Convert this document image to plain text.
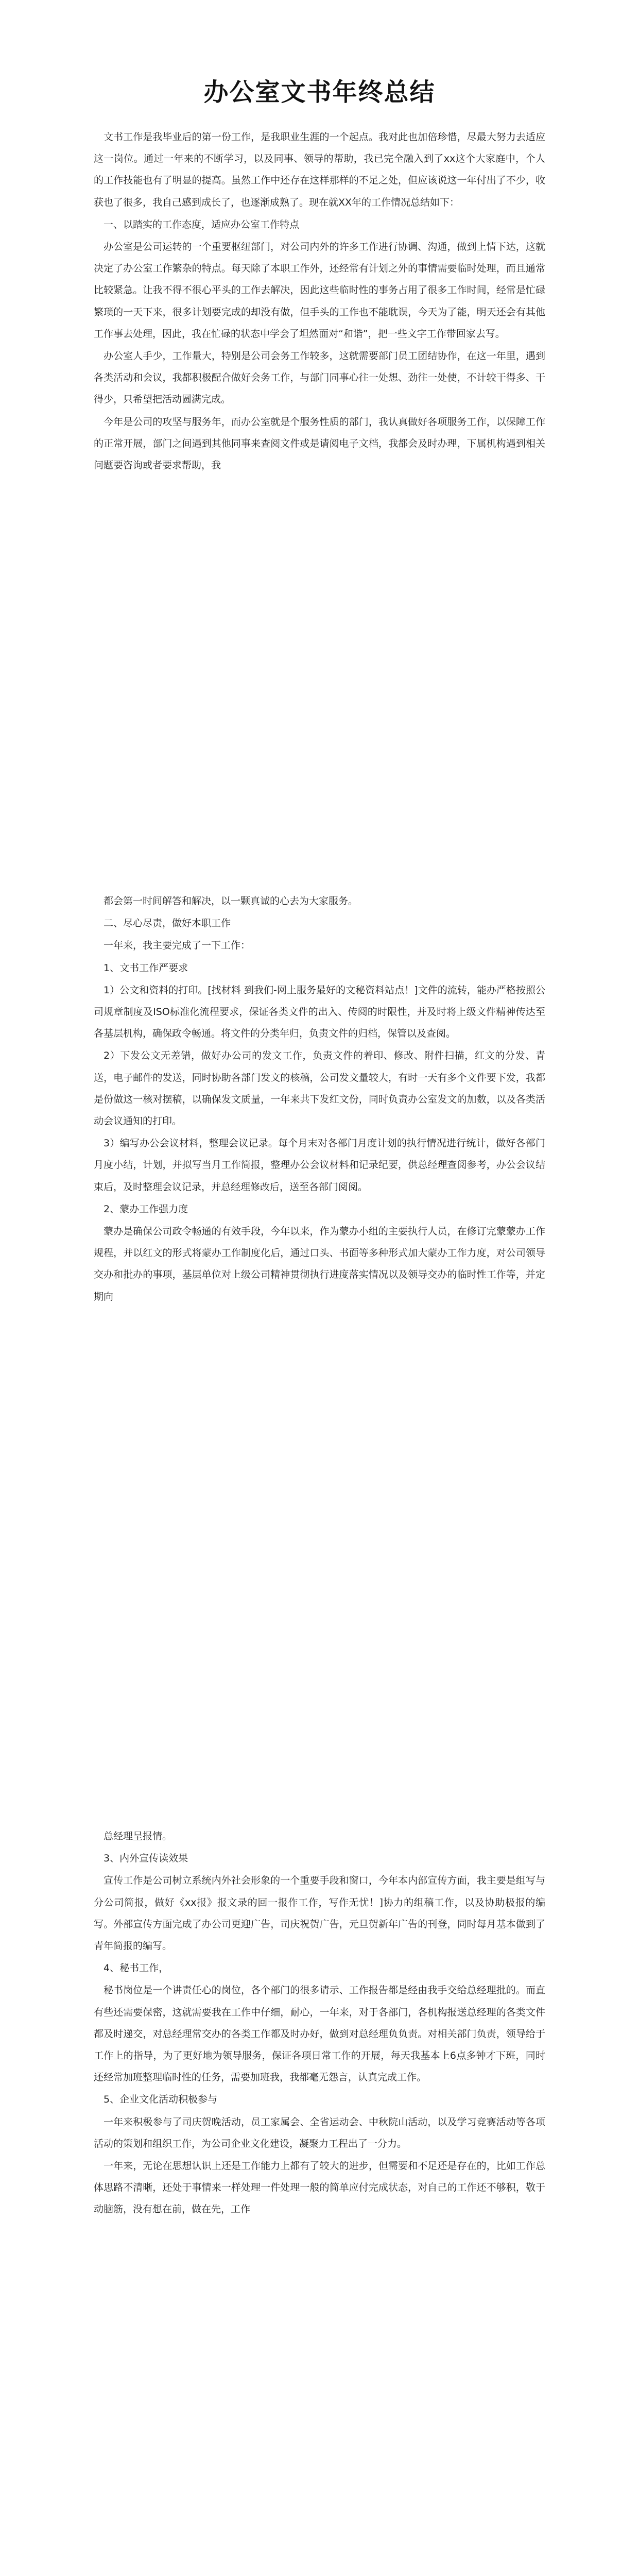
办公室文书年终总结

文书工作是我毕业后的第一份工作，是我职业生涯的一个起点。我对此也加倍珍惜，尽最大努力去适应这一岗位。通过一年来的不断学习，以及同事、领导的帮助，我已完全融入到了xx这个大家庭中，个人的工作技能也有了明显的提高。虽然工作中还存在这样那样的不足之处，但应该说这一年付出了不少，收获也了很多，我自己感到成长了，也逐渐成熟了。现在就XX年的工作情况总结如下：

一、以踏实的工作态度，适应办公室工作特点

办公室是公司运转的一个重要枢纽部门，对公司内外的许多工作进行协调、沟通，做到上情下达，这就决定了办公室工作繁杂的特点。每天除了本职工作外，还经常有计划之外的事情需要临时处理，而且通常比较紧急。让我不得不很心平头的工作去解决，因此这些临时性的事务占用了很多工作时间，经常是忙碌繁琐的一天下来，很多计划要完成的却没有做，但手头的工作也不能耽误，今天为了能，明天还会有其他工作事去处理，因此，我在忙碌的状态中学会了坦然面对“和谐”，把一些文字工作带回家去写。

办公室人手少，工作量大，特别是公司会务工作较多，这就需要部门员工团结协作，在这一年里，遇到各类活动和会议，我都积极配合做好会务工作，与部门同事心往一处想、劲往一处使，不计较干得多、干得少，只希望把活动圆满完成。

今年是公司的攻坚与服务年，而办公室就是个服务性质的部门，我认真做好各项服务工作，以保障工作的正常开展，部门之间遇到其他同事来查阅文件或是请阅电子文档，我都会及时办理，下属机构遇到相关问题要咨询或者要求帮助，我

都会第一时间解答和解决，以一颗真诚的心去为大家服务。

二、尽心尽责，做好本职工作

一年来，我主要完成了一下工作：

1、文书工作严要求

1）公文和资料的打印。[找材料 到我们-网上服务最好的文秘资料站点！]文件的流转，能办严格按照公司规章制度及ISO标准化流程要求，保证各类文件的出入、传阅的时限性，并及时将上级文件精神传达至各基层机构，确保政令畅通。将文件的分类年归，负责文件的归档，保管以及查阅。

2）下发公文无差错，做好办公司的发文工作，负责文件的着印、修改、附件扫描，红文的分发、青送，电子邮件的发送，同时协助各部门发文的核稿，公司发文量较大，有时一天有多个文件要下发，我都是份做这一核对摆稿，以确保发文质量，一年来共下发红文份，同时负责办公室发文的加数，以及各类活动会议通知的打印。

3）编写办公会议材料，整理会议记录。每个月末对各部门月度计划的执行情况进行统计，做好各部门月度小结，计划，并拟写当月工作简报，整理办公会议材料和记录纪要，供总经理查阅参考，办公会议结束后，及时整理会议记录，并总经理修改后，送至各部门阅阅。

2、蒙办工作强力度

蒙办是确保公司政令畅通的有效手段，今年以来，作为蒙办小组的主要执行人员，在修订完蒙蒙办工作规程，并以红文的形式将蒙办工作制度化后，通过口头、书面等多种形式加大蒙办工作力度，对公司领导交办和批办的事项，基层单位对上级公司精神贯彻执行进度落实情况以及领导交办的临时性工作等，并定期向

总经理呈报情。

3、内外宣传读效果

宣传工作是公司树立系统内外社会形象的一个重要手段和窗口，今年本内部宣传方面，我主要是组写与分公司简报，做好《xx报》报文录的回一报作工作，写作无忧！]协力的组稿工作，以及协助极报的编写。外部宣传方面完成了办公司更迎广告，司庆祝贺广告，元旦贺新年广告的刊登，同时每月基本做到了青年简报的编写。

4、秘书工作，

秘书岗位是一个讲责任心的岗位，各个部门的很多请示、工作报告都是经由我手交给总经理批的。而直有些还需要保密，这就需要我在工作中仔细，耐心，一年来，对于各部门，各机构报送总经理的各类文件都及时递交，对总经理常交办的各类工作都及时办好，做到对总经理负负责。对相关部门负责，领导给于工作上的指导，为了更好地为领导服务，保证各项日常工作的开展，每天我基本上6点多钟才下班，同时还经常加班整理临时性的任务，需要加班我，我都毫无怨言，认真完成工作。

5、企业文化活动积极参与

一年来积极参与了司庆贺晚活动，员工家属会、全省运动会、中秋院山活动，以及学习竞赛活动等各项活动的策划和组织工作，为公司企业文化建设，凝聚力工程出了一分力。

一年来，无论在思想认识上还是工作能力上都有了较大的进步，但需要和不足还是存在的，比如工作总体思路不清晰，还处于事情来一样处理一件处理一般的简单应付完成状态，对自己的工作还不够积，敬于动脑筋，没有想在前，做在先，工作
